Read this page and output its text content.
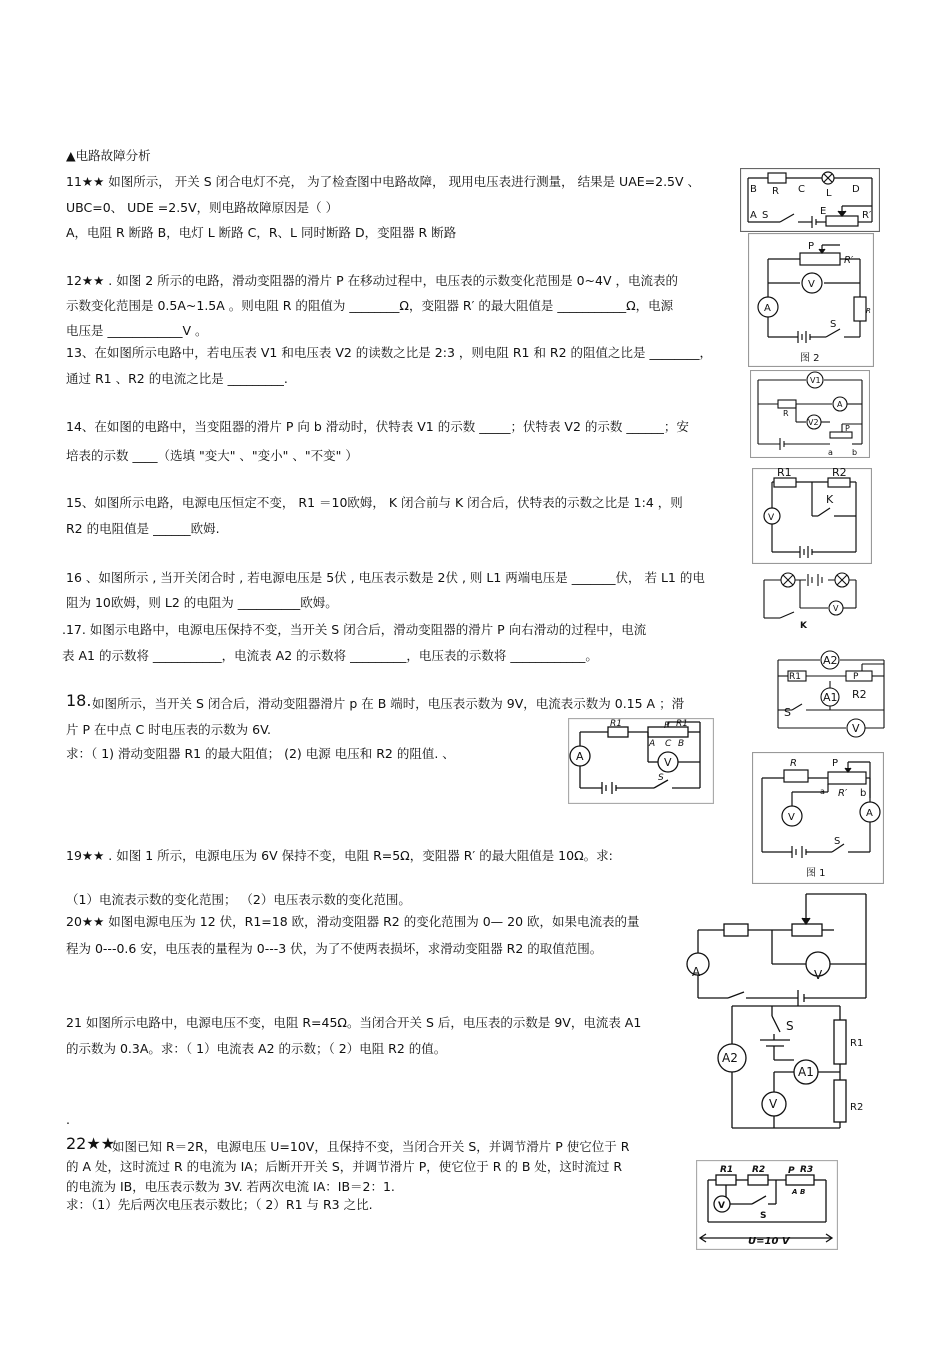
▲电路故障分析
11★★ 如图所示， 开关 S 闭合电灯不亮， 为了检查图中电路故障， 现用电压表进行测量， 结果是 UAE=2.5V 、
UBC=0、 UDE =2.5V，则电路故障原因是（ ）
A，电阻 R 断路 B，电灯 L 断路 C，R、L 同时断路 D，变阻器 R 断路
12★★ . 如图 2 所示的电路，滑动变阻器的滑片 P 在移动过程中，电压表的示数变化范围是 0~4V ，电流表的
示数变化范围是 0.5A~1.5A 。则电阻 R 的阻值为 ________Ω，变阻器 R′ 的最大阻值是 ___________Ω，电源
电压是 ____________V 。
13、在如图所示电路中，若电压表 V1 和电压表 V2 的读数之比是 2:3 ，则电阻 R1 和 R2 的阻值之比是 ________，
通过 R1 、R2 的电流之比是 _________.
14、在如图的电路中，当变阻器的滑片 P 向 b 滑动时，伏特表 V1 的示数 _____；伏特表 V2 的示数 ______；安
培表的示数 ____（选填 "变大" 、"变小" 、"不变" ）
15、如图所示电路，电源电压恒定不变， R1 ＝10欧姆， K 闭合前与 K 闭合后，伏特表的示数之比是 1:4 ，则
R2 的电阻值是 ______欧姆.
16 、如图所示 , 当开关闭合时 , 若电源电压是 5伏 , 电压表示数是 2伏 , 则 L1 两端电压是 _______伏， 若 L1 的电
阻为 10欧姆，则 L2 的电阻为 __________欧姆。
.17. 如图示电路中，电源电压保持不变，当开关 S 闭合后，滑动变阻器的滑片 P 向右滑动的过程中，电流
表 A1 的示数将 ___________，电流表 A2 的示数将 _________，电压表的示数将 ____________。
18. 如图所示，当开关 S 闭合后，滑动变阻器滑片 p 在 B 端时，电压表示数为 9V，电流表示数为 0.15 A ；滑
片 P 在中点 C 时电压表的示数为 6V.
求：（ 1) 滑动变阻器 R1 的最大阻值； (2) 电源 电压和 R2 的阻值. 、
19★★ . 如图 1 所示，电源电压为 6V 保持不变，电阻 R=5Ω，变阻器 R′ 的最大阻值是 10Ω。求:
（1）电流表示数的变化范围； （2）电压表示数的变化范围。
20★★ 如图电源电压为 12 伏，R1=18 欧，滑动变阻器 R2 的变化范围为 0— 20 欧，如果电流表的量
程为 0---0.6 安，电压表的量程为 0---3 伏，为了不使两表损坏，求滑动变阻器 R2 的取值范围。
21 如图所示电路中，电源电压不变，电阻 R=45Ω。当闭合开关 S 后，电压表的示数是 9V，电流表 A1
的示数为 0.3A。求：（ 1）电流表 A2 的示数；（ 2）电阻 R2 的值。
.
22★★
如图已知 R＝2R，电源电压 U=10V，且保持不变，当闭合开关 S，并调节滑片 P 使它位于 R
的 A 处，这时流过 R 的电流为 IA；后断开开关 S，并调节滑片 P，使它位于 R 的 B 处，这时流过 R
的电流为 IB，电压表示数为 3V. 若两次电流 IA：IB＝2：1.
求：（1）先后两次电压表示数比；（ 2）R1 与 R3 之比.
B R C L D
A S	E	R′
P
R′
V
A	R
S
图 2
V1
R
A
V2
P
a b
R1	R2
K
V
V
K
A2
R1	P
R2
S
A1
V
R1	P R1
A C B
A	V
S
R	P
a R′ b
V	A
S
图 1
A	V
S
R1
A2
A1
V	R2
R1 R2	P R3
A B
V
S
U=10 V
